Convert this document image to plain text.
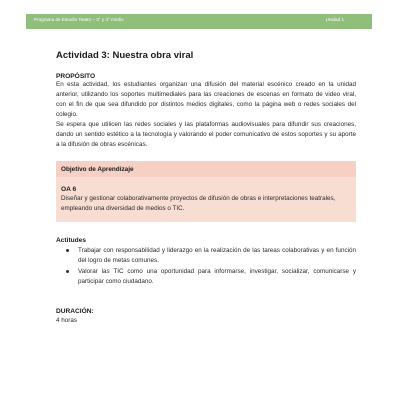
Programa de Estudio Teatro – 3° y 4° medio	Unidad 1
Actividad 3: Nuestra obra viral
PROPÓSITO
En esta actividad, los estudiantes organizan una difusión del material escénico creado en la unidad anterior, utilizando los soportes multimediales para las creaciones de escenas en formato de video viral, con el fin de que sea difundido por distintos medios digitales, como la página web o redes sociales del colegio.
Se espera que utilicen las redes sociales y las plataformas audiovisuales para difundir sus creaciones, dando un sentido estético a la tecnología y valorando el poder comunicativo de estos soportes y su aporte a la difusión de obras escénicas.
Objetivo de Aprendizaje
OA 6
Diseñar y gestionar colaborativamente proyectos de difusión de obras e interpretaciones teatrales, empleando una diversidad de medios o TIC.
Actitudes
Trabajar con responsabilidad y liderazgo en la realización de las tareas colaborativas y en función del logro de metas comunes.
Valorar las TIC como una oportunidad para informarse, investigar, socializar, comunicarse y participar como ciudadano.
DURACIÓN:
4 horas
